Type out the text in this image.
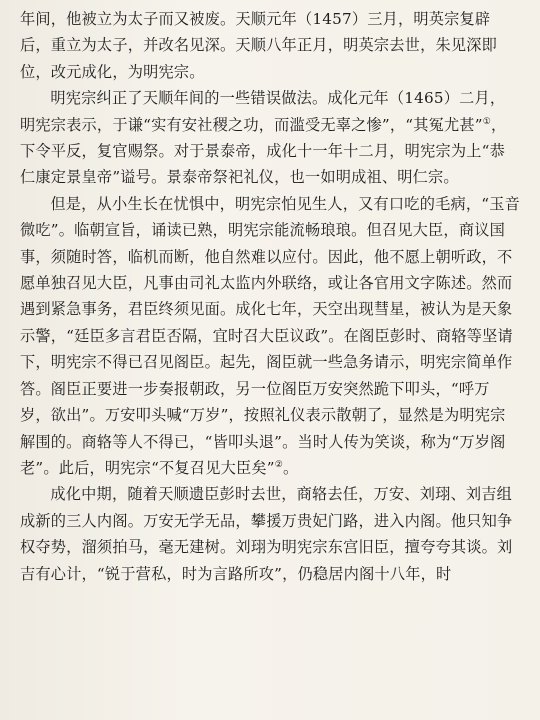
年间，他被立为太子而又被废。天顺元年（1457）三月，明英宗复辟后，重立为太子，并改名见深。天顺八年正月，明英宗去世，朱见深即位，改元成化，为明宪宗。

明宪宗纠正了天顺年间的一些错误做法。成化元年（1465）二月，明宪宗表示，于谦“实有安社稷之功，而滥受无辜之惨”，“其冤尤甚”①，下令平反，复官赐祭。对于景泰帝，成化十一年十二月，明宪宗为上“恭仁康定景皇帝”谥号。景泰帝祭祀礼仪，也一如明成祖、明仁宗。

但是，从小生长在忧惧中，明宪宗怕见生人，又有口吃的毛病，“玉音微吃”。临朝宣旨，诵读已熟，明宪宗能流畅琅琅。但召见大臣，商议国事，须随时答，临机而断，他自然难以应付。因此，他不愿上朝听政，不愿单独召见大臣，凡事由司礼太监内外联络，或让各官用文字陈述。然而遇到紧急事务，君臣终须见面。成化七年，天空出现彗星，被认为是天象示警，“廷臣多言君臣否隔，宜时召大臣议政”。在阁臣彭时、商辂等坚请下，明宪宗不得已召见阁臣。起先，阁臣就一些急务请示，明宪宗简单作答。阁臣正要进一步奏报朝政，另一位阁臣万安突然跪下叩头，“呼万岁，欲出”。万安叩头喊“万岁”，按照礼仪表示散朝了，显然是为明宪宗解围的。商辂等人不得已，“皆叩头退”。当时人传为笑谈，称为“万岁阁老”。此后，明宪宗“不复召见大臣矣”②。

成化中期，随着天顺遗臣彭时去世，商辂去任，万安、刘珝、刘吉组成新的三人内阁。万安无学无品，攀援万贵妃门路，进入内阁。他只知争权夺势，溜须拍马，毫无建树。刘珝为明宪宗东宫旧臣，擅夸夸其谈。刘吉有心计，“锐于营私，时为言路所攻”，仍稳居内阁十八年，时
